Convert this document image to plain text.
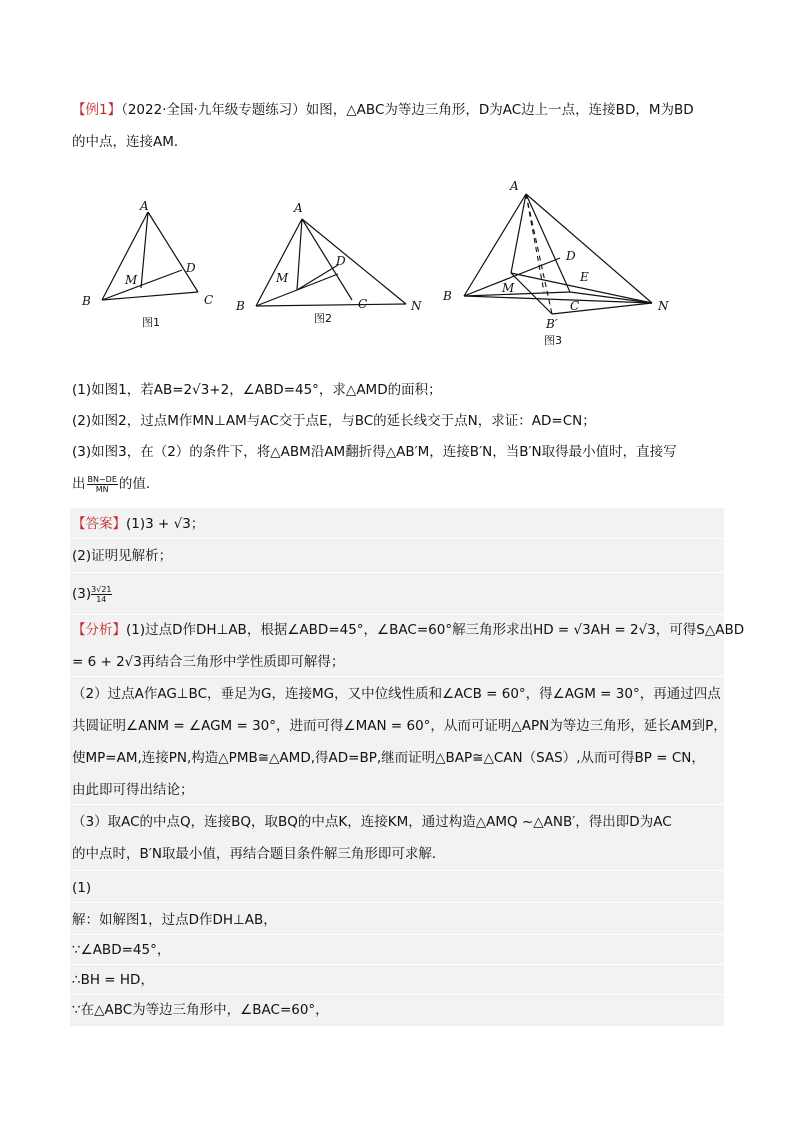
【例1】（2022·全国·九年级专题练习）如图，△ABC为等边三角形，D为AC边上一点，连接BD，M为BD
的中点，连接AM．
A
B	C
D
M
图1
A
B	C
D
M
N
图2
A
B
C
D
E
M
N
B′
图3
(1)如图1，若AB=2√3+2，∠ABD=45°，求△AMD的面积；
(2)如图2，过点M作MN⊥AM与AC交于点E，与BC的延长线交于点N，求证：AD=CN；
(3)如图3，在（2）的条件下，将△ABM沿AM翻折得△AB′M，连接B′N，当B′N取得最小值时，直接写
出 $\frac{BN-DE}{MN}$ 的值．
【答案】(1)3 + √3；
(2)证明见解析；
$(3) \frac{3√21}{14}$
【分析】(1)过点D作DH⊥AB，根据∠ABD=45°，∠BAC=60°解三角形求出HD = √3AH = 2√3，可得S△ABD
= 6 + 2√3再结合三角形中学性质即可解得；
（2）过点A作AG⊥BC，垂足为G，连接MG，又中位线性质和∠ACB = 60°，得∠AGM = 30°，再通过四点
共圆证明∠ANM = ∠AGM = 30°，进而可得∠MAN = 60°，从而可证明△APN为等边三角形，延长AM到P，
使MP=AM,连接PN,构造△PMB≅△AMD,得AD=BP,继而证明△BAP≅△CAN（SAS）,从而可得BP = CN，
由此即可得出结论；
（3）取AC的中点Q，连接BQ，取BQ的中点K，连接KM，通过构造△AMQ ~△ANB′，得出即D为AC
的中点时，B′N取最小值，再结合题目条件解三角形即可求解．
(1)
解：如解图1，过点D作DH⊥AB，
∵∠ABD=45°，
∴BH = HD，
∵在△ABC为等边三角形中，∠BAC=60°，
